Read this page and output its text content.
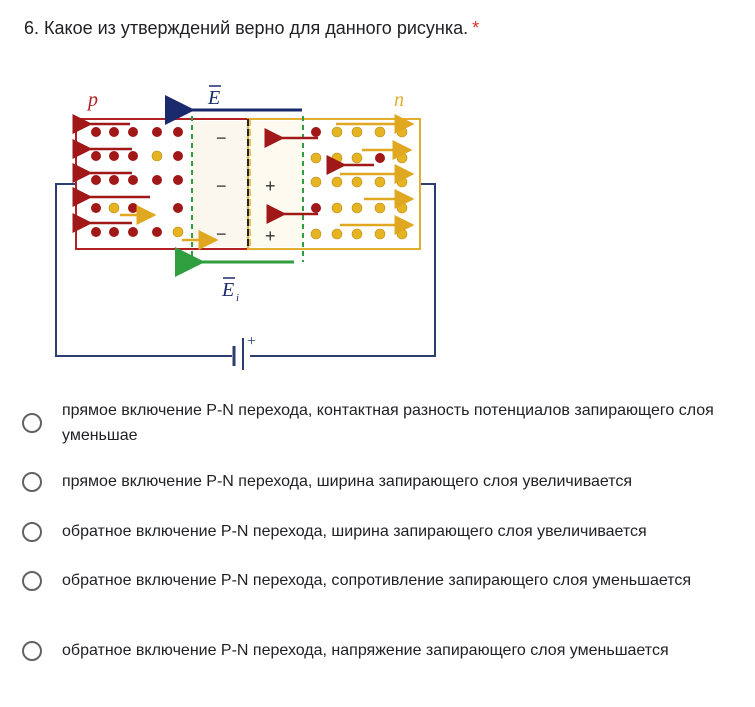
6. Какое из утверждений верно для данного рисунка. *
+
−
−
−
+
+
+
E
E i
p	n
прямое включение P-N перехода, контактная разность потенциалов запирающего слоя уменьшае
прямое включение P-N перехода, ширина запирающего слоя увеличивается
обратное включение P-N перехода, ширина запирающего слоя увеличивается
обратное включение P-N перехода, сопротивление запирающего слоя уменьшается
обратное включение P-N перехода, напряжение запирающего слоя уменьшается
